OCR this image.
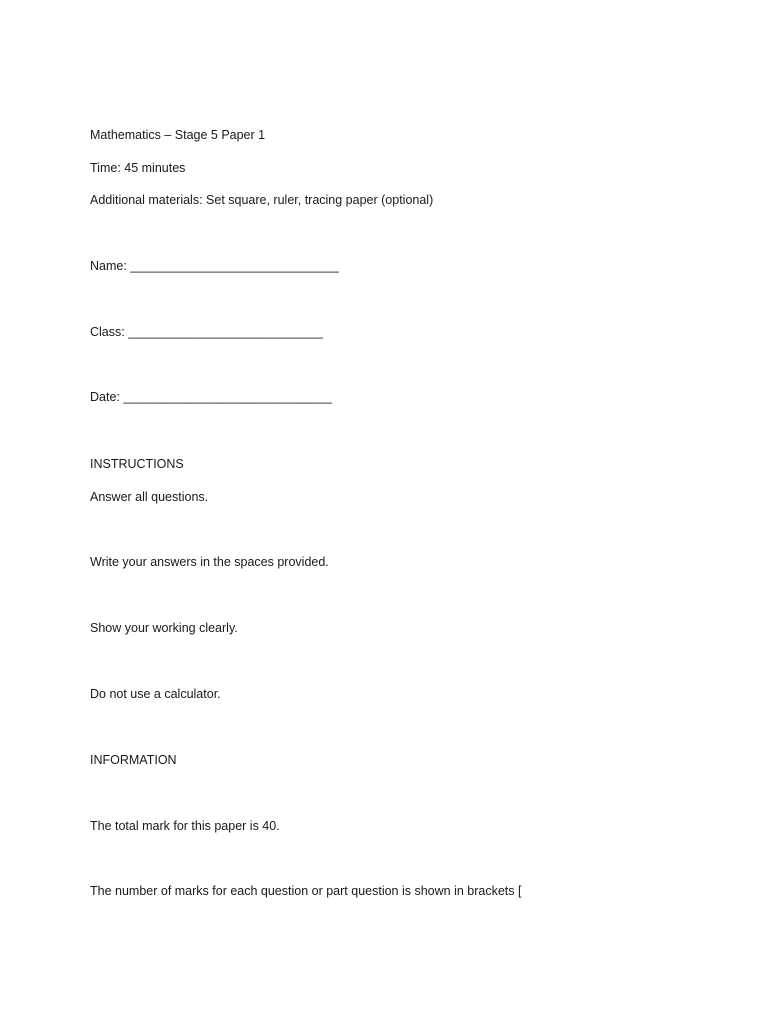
Mathematics – Stage 5 Paper 1
Time: 45 minutes
Additional materials: Set square, ruler, tracing paper (optional)
Name: ______________________________
Class: ____________________________
Date: ______________________________
INSTRUCTIONS
Answer all questions.
Write your answers in the spaces provided.
Show your working clearly.
Do not use a calculator.
INFORMATION
The total mark for this paper is 40.
The number of marks for each question or part question is shown in brackets [
